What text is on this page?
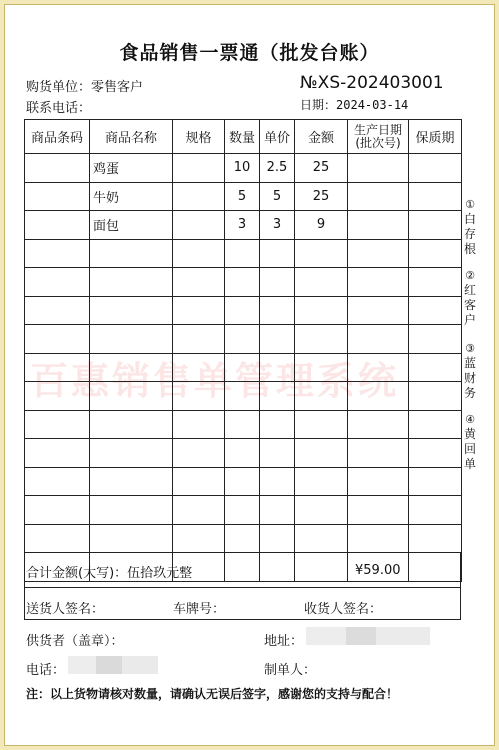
百惠销售单管理系统
食品销售一票通（批发台账）
购货单位：零售客户
联系电话：
№XS-202403001
日期：2024-03-14
商品条码	商品名称	规格	数量	单价	金额	生产日期(批次号)	保质期
	鸡蛋		10	2.5	25		
	牛奶		5	5	25		
	面包		3	3	9		

合计金额(大写)：伍拾玖元整	¥59.00
送货人签名：	车牌号：	收货人签名：
供货者（盖章）：	地址：
电话：	制单人：
注：以上货物请核对数量，请确认无误后签字，感谢您的支持与配合！
①
白存根
②
红客户
③
蓝财务
④
黄回单
